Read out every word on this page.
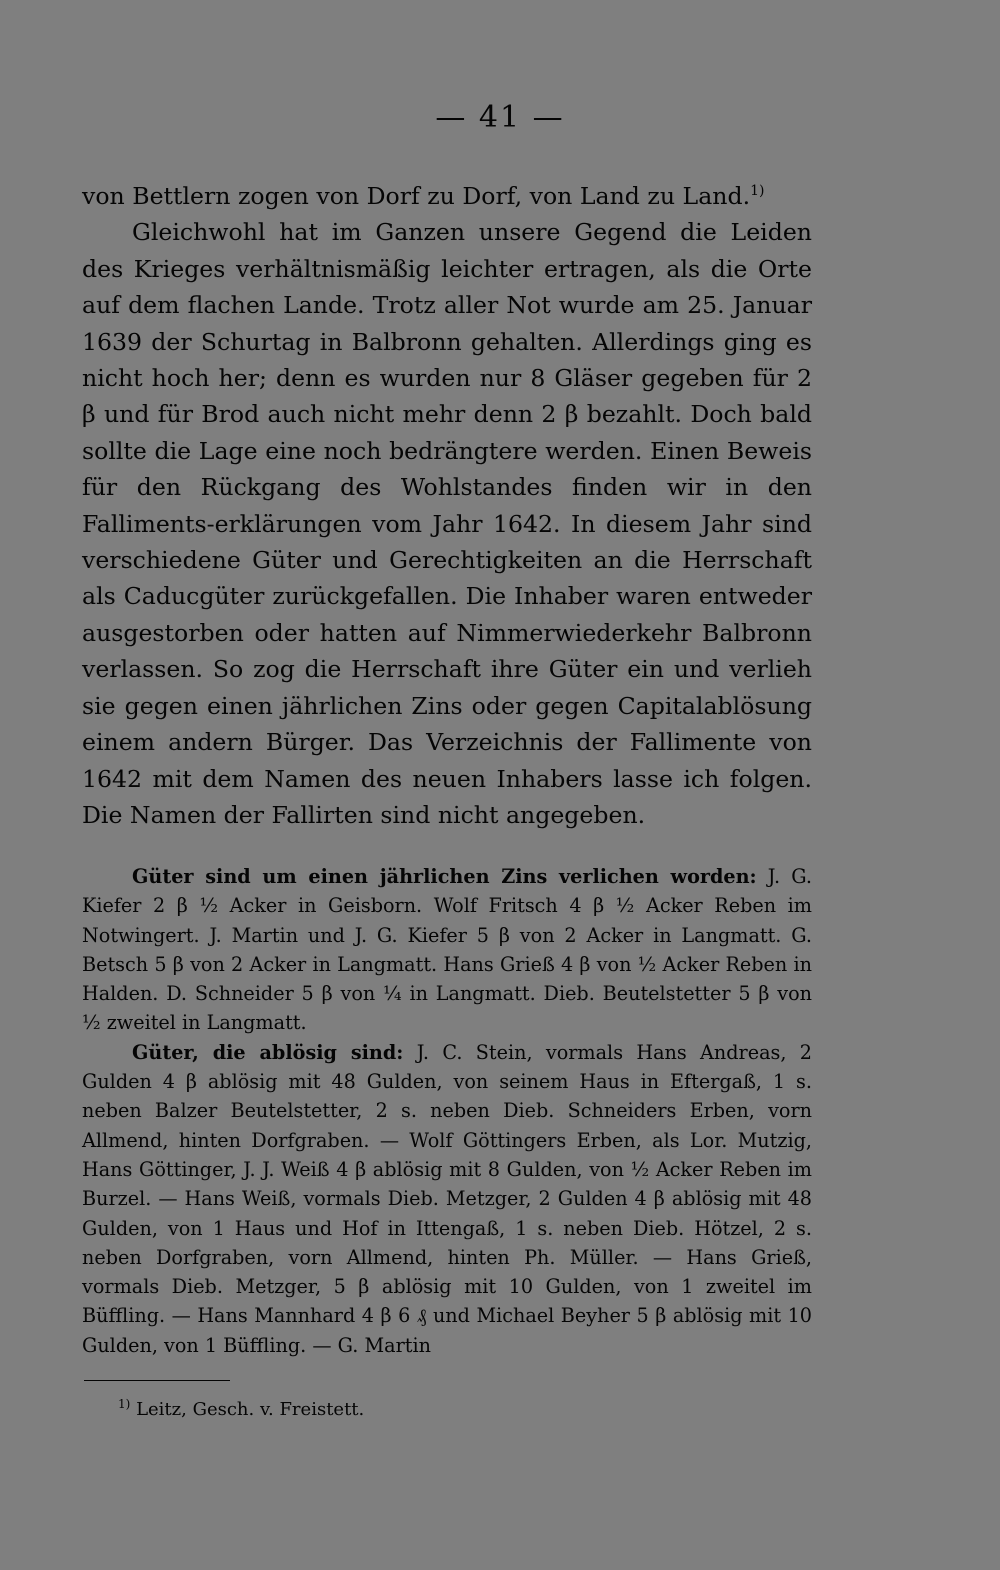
— 41 —

von Bettlern zogen von Dorf zu Dorf, von Land zu Land.$^{1)}$

Gleichwohl hat im Ganzen unsere Gegend die Leiden des Krieges verhältnismäßig leichter ertragen, als die Orte auf dem flachen Lande. Trotz aller Not wurde am 25. Januar 1639 der Schurtag in Balbronn gehalten. Allerdings ging es nicht hoch her; denn es wurden nur 8 Gläser gegeben für 2 β und für Brod auch nicht mehr denn 2 β bezahlt. Doch bald sollte die Lage eine noch bedrängtere werden. Einen Beweis für den Rückgang des Wohlstandes finden wir in den Falliments-erklärungen vom Jahr 1642. In diesem Jahr sind verschiedene Güter und Gerechtigkeiten an die Herrschaft als Caducgüter zurückgefallen. Die Inhaber waren entweder ausgestorben oder hatten auf Nimmerwiederkehr Balbronn verlassen. So zog die Herrschaft ihre Güter ein und verlieh sie gegen einen jährlichen Zins oder gegen Capitalablösung einem andern Bürger. Das Verzeichnis der Fallimente von 1642 mit dem Namen des neuen Inhabers lasse ich folgen. Die Namen der Fallirten sind nicht angegeben.

Güter sind um einen jährlichen Zins verlichen worden: J. G. Kiefer 2 β ½ Acker in Geisborn. Wolf Fritsch 4 β ½ Acker Reben im Notwingert. J. Martin und J. G. Kiefer 5 β von 2 Acker in Langmatt. G. Betsch 5 β von 2 Acker in Langmatt. Hans Grieß 4 β von ½ Acker Reben in Halden. D. Schneider 5 β von ¼ in Langmatt. Dieb. Beutelstetter 5 β von ½ zweitel in Langmatt.

Güter, die ablösig sind: J. C. Stein, vormals Hans Andreas, 2 Gulden 4 β ablösig mit 48 Gulden, von seinem Haus in Eftergaß, 1 s. neben Balzer Beutelstetter, 2 s. neben Dieb. Schneiders Erben, vorn Allmend, hinten Dorfgraben. — Wolf Göttingers Erben, als Lor. Mutzig, Hans Göttinger, J. J. Weiß 4 β ablösig mit 8 Gulden, von ½ Acker Reben im Burzel. — Hans Weiß, vormals Dieb. Metzger, 2 Gulden 4 β ablösig mit 48 Gulden, von 1 Haus und Hof in Ittengaß, 1 s. neben Dieb. Hötzel, 2 s. neben Dorfgraben, vorn Allmend, hinten Ph. Müller. — Hans Grieß, vormals Dieb. Metzger, 5 β ablösig mit 10 Gulden, von 1 zweitel im Büffling. — Hans Mannhard 4 β 6 ₰ und Michael Beyher 5 β ablösig mit 10 Gulden, von 1 Büffling. — G. Martin

$^{1)}$ Leitz, Gesch. v. Freistett.
